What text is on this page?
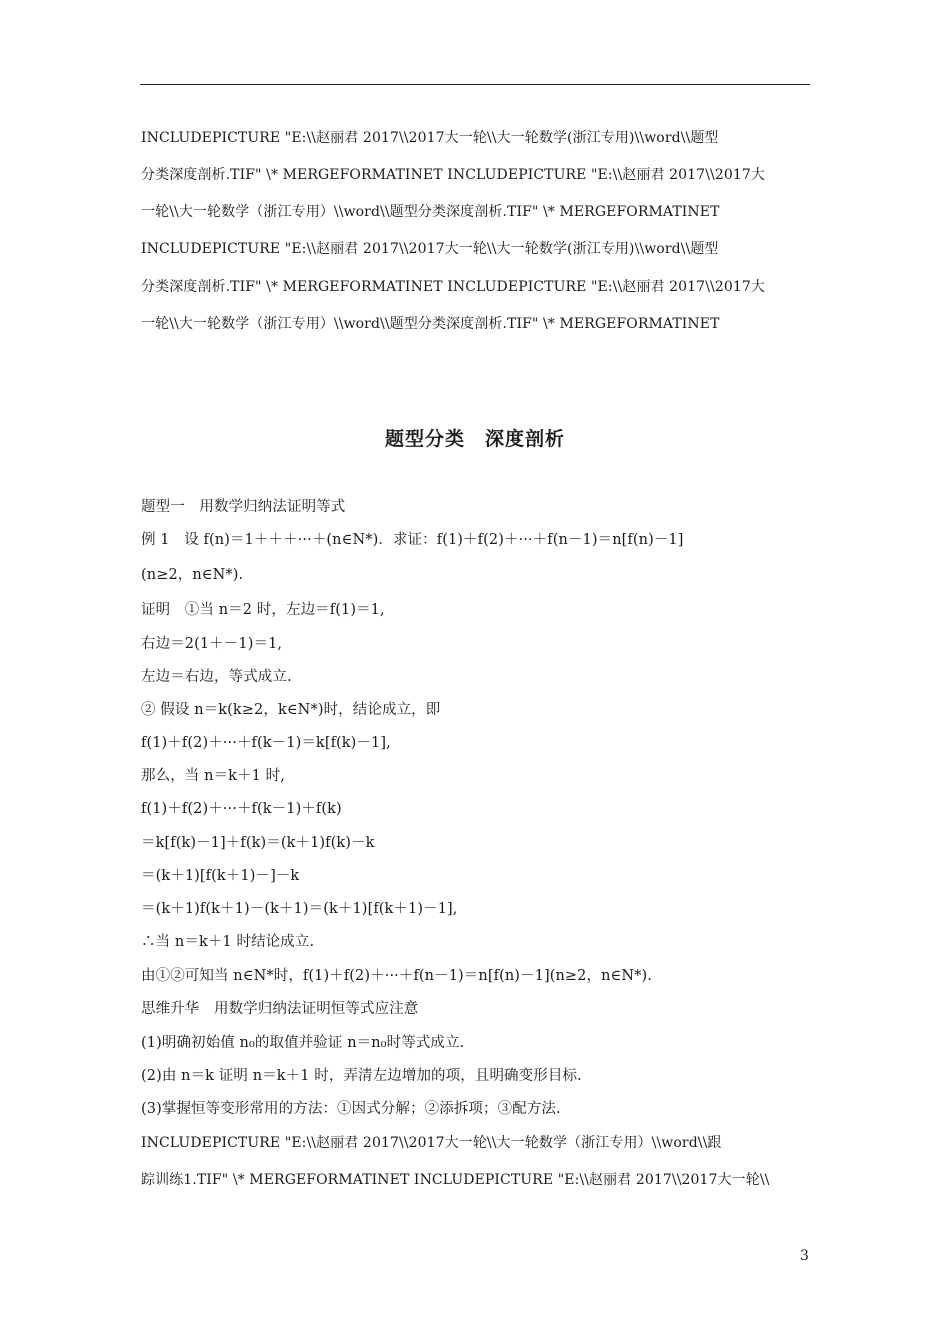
INCLUDEPICTURE "E:\\赵丽君 2017\\2017大一轮\\大一轮数学(浙江专用)\\word\\题型
分类深度剖析.TIF" \* MERGEFORMATINET INCLUDEPICTURE "E:\\赵丽君 2017\\2017大
一轮\\大一轮数学（浙江专用）\\word\\题型分类深度剖析.TIF" \* MERGEFORMATINET
INCLUDEPICTURE "E:\\赵丽君 2017\\2017大一轮\\大一轮数学(浙江专用)\\word\\题型
分类深度剖析.TIF" \* MERGEFORMATINET INCLUDEPICTURE "E:\\赵丽君 2017\\2017大
一轮\\大一轮数学（浙江专用）\\word\\题型分类深度剖析.TIF" \* MERGEFORMATINET
题型分类　深度剖析
题型一　用数学归纳法证明等式
例 1　设 f(n)＝1＋＋＋···＋(n∈N*)．求证：f(1)＋f(2)＋···＋f(n－1)＝n[f(n)－1]
(n≥2，n∈N*).
证明　①当 n＝2 时，左边＝f(1)＝1,
右边＝2(1＋－1)＝1,
左边＝右边，等式成立.
② 假设 n＝k(k≥2，k∈N*)时，结论成立，即
f(1)＋f(2)＋···＋f(k－1)＝k[f(k)－1],
那么，当 n＝k＋1 时,
f(1)＋f(2)＋···＋f(k－1)＋f(k)
＝k[f(k)－1]＋f(k)＝(k＋1)f(k)－k
＝(k＋1)[f(k＋1)－]－k
＝(k＋1)f(k＋1)－(k＋1)＝(k＋1)[f(k＋1)－1],
∴当 n＝k＋1 时结论成立.
由①②可知当 n∈N*时，f(1)＋f(2)＋···＋f(n－1)＝n[f(n)－1](n≥2，n∈N*).
思维升华　用数学归纳法证明恒等式应注意
(1)明确初始值 n₀的取值并验证 n＝n₀时等式成立.
(2)由 n＝k 证明 n＝k＋1 时，弄清左边增加的项，且明确变形目标.
(3)掌握恒等变形常用的方法：①因式分解；②添拆项；③配方法.
INCLUDEPICTURE "E:\\赵丽君 2017\\2017大一轮\\大一轮数学（浙江专用）\\word\\跟
踪训练1.TIF" \* MERGEFORMATINET INCLUDEPICTURE "E:\\赵丽君 2017\\2017大一轮\\
3
